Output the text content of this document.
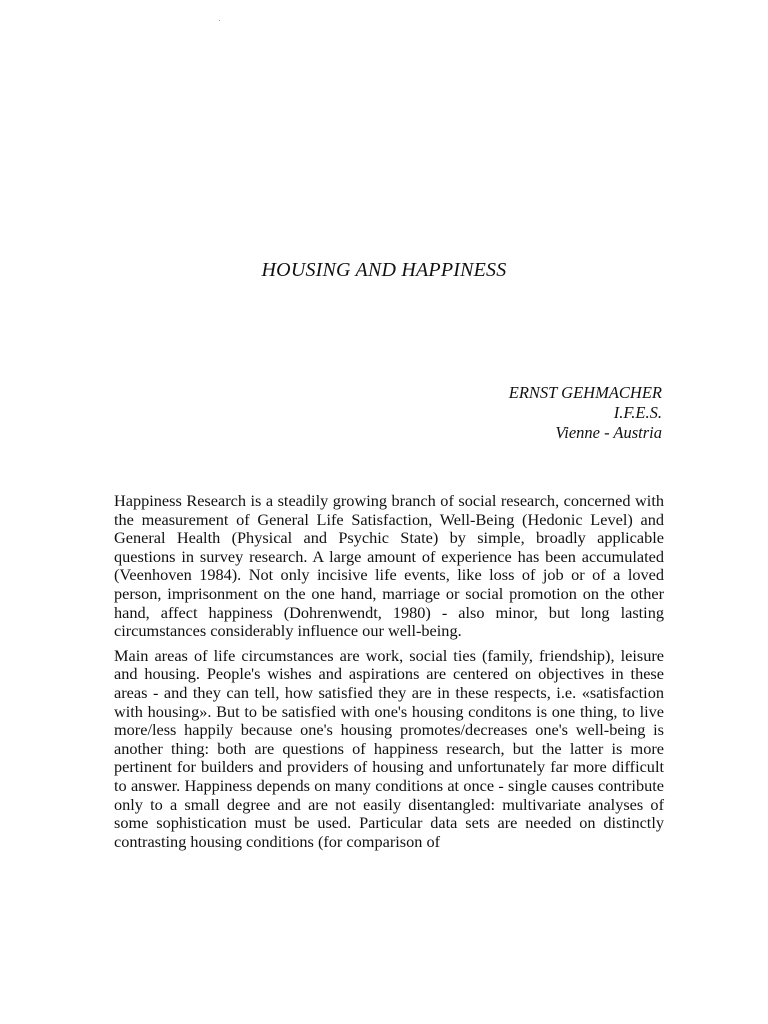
HOUSING AND HAPPINESS
ERNST GEHMACHER
I.F.E.S.
Vienne - Austria

Happiness Research is a steadily growing branch of social research, concerned with the measurement of General Life Satisfaction, Well-Being (Hedonic Level) and General Health (Physical and Psychic State) by simple, broadly applicable questions in survey research. A large amount of experience has been accumulated (Veenhoven 1984). Not only incisive life events, like loss of job or of a loved person, imprisonment on the one hand, marriage or social promotion on the other hand, affect happiness (Dohrenwendt, 1980) - also minor, but long lasting circumstances considerably influence our well-being.

Main areas of life circumstances are work, social ties (family, friendship), leisure and housing. People's wishes and aspirations are centered on objectives in these areas - and they can tell, how satisfied they are in these respects, i.e. «satisfaction with housing». But to be satisfied with one's housing conditons is one thing, to live more/less happily because one's housing promotes/decreases one's well-being is another thing: both are questions of happiness research, but the latter is more pertinent for builders and providers of housing and unfortunately far more difficult to answer. Happiness depends on many conditions at once - single causes contribute only to a small degree and are not easily disentangled: multivariate analyses of some sophistication must be used. Particular data sets are needed on distinctly contrasting housing conditions (for comparison of
